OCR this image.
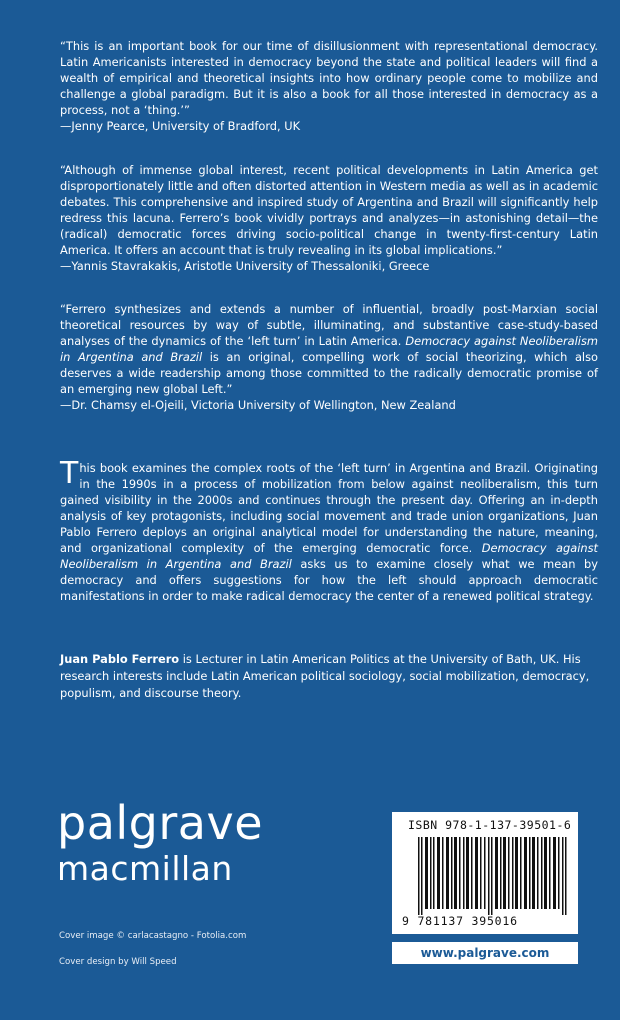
“This is an important book for our time of disillusionment with representational democracy. Latin Americanists interested in democracy beyond the state and political leaders will find a wealth of empirical and theoretical insights into how ordinary people come to mobilize and challenge a global paradigm. But it is also a book for all those interested in democracy as a process, not a ‘thing.’”

—Jenny Pearce, University of Bradford, UK

“Although of immense global interest, recent political developments in Latin America get disproportionately little and often distorted attention in Western media as well as in academic debates. This comprehensive and inspired study of Argentina and Brazil will significantly help redress this lacuna. Ferrero’s book vividly portrays and analyzes—in astonishing detail—the (radical) democratic forces driving socio-political change in twenty-first-century Latin America. It offers an account that is truly revealing in its global implications.”

—Yannis Stavrakakis, Aristotle University of Thessaloniki, Greece

“Ferrero synthesizes and extends a number of influential, broadly post-Marxian social theoretical resources by way of subtle, illuminating, and substantive case-study-based analyses of the dynamics of the ‘left turn’ in Latin America. Democracy against Neoliberalism in Argentina and Brazil is an original, compelling work of social theorizing, which also deserves a wide readership among those committed to the radically democratic promise of an emerging new global Left.”

—Dr. Chamsy el-Ojeili, Victoria University of Wellington, New Zealand

This book examines the complex roots of the ‘left turn’ in Argentina and Brazil. Originating in the 1990s in a process of mobilization from below against neoliberalism, this turn gained visibility in the 2000s and continues through the present day. Offering an in-depth analysis of key protagonists, including social movement and trade union organizations, Juan Pablo Ferrero deploys an original analytical model for understanding the nature, meaning, and organizational complexity of the emerging democratic force. Democracy against Neoliberalism in Argentina and Brazil asks us to examine closely what we mean by democracy and offers suggestions for how the left should approach democratic manifestations in order to make radical democracy the center of a renewed political strategy.

Juan Pablo Ferrero is Lecturer in Latin American Politics at the University of Bath, UK. His research interests include Latin American political sociology, social mobilization, democracy, populism, and discourse theory.

palgrave
macmillan
Cover image © carlacastagno - Fotolia.com
Cover design by Will Speed
ISBN 978-1-137-39501-6
9 781137 395016
www.palgrave.com
